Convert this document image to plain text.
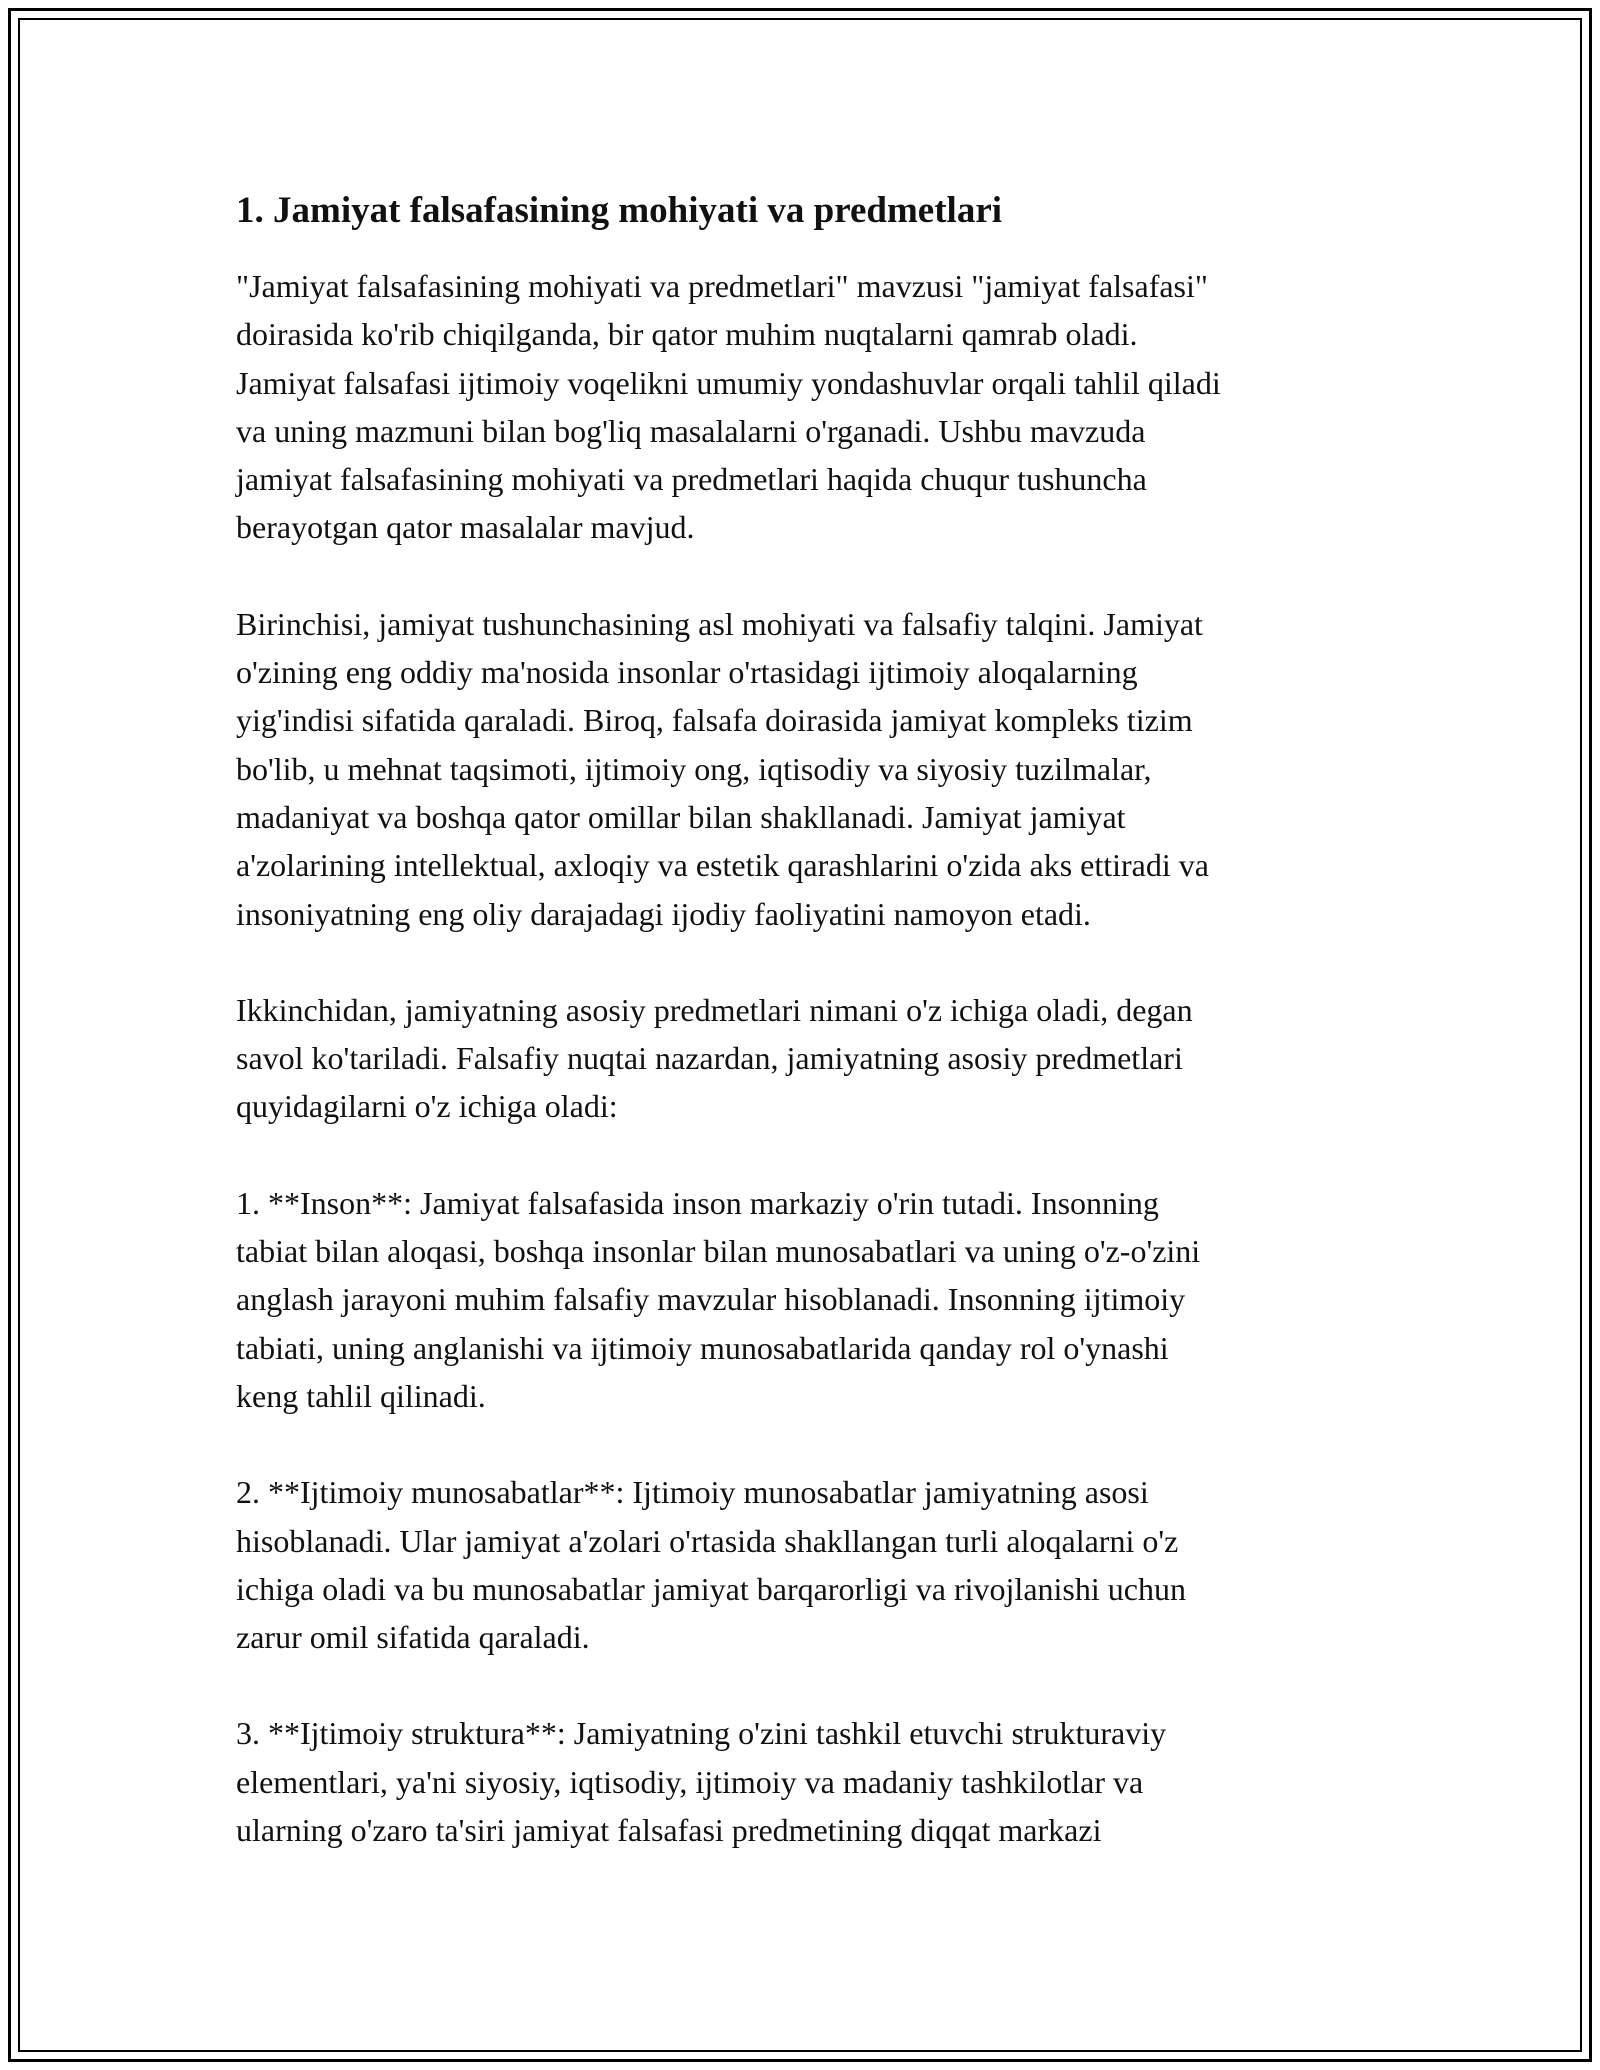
1. Jamiyat falsafasining mohiyati va predmetlari

"Jamiyat falsafasining mohiyati va predmetlari" mavzusi "jamiyat falsafasi"
doirasida ko'rib chiqilganda, bir qator muhim nuqtalarni qamrab oladi.
Jamiyat falsafasi ijtimoiy voqelikni umumiy yondashuvlar orqali tahlil qiladi
va uning mazmuni bilan bog'liq masalalarni o'rganadi. Ushbu mavzuda
jamiyat falsafasining mohiyati va predmetlari haqida chuqur tushuncha
berayotgan qator masalalar mavjud.

Birinchisi, jamiyat tushunchasining asl mohiyati va falsafiy talqini. Jamiyat
o'zining eng oddiy ma'nosida insonlar o'rtasidagi ijtimoiy aloqalarning
yig'indisi sifatida qaraladi. Biroq, falsafa doirasida jamiyat kompleks tizim
bo'lib, u mehnat taqsimoti, ijtimoiy ong, iqtisodiy va siyosiy tuzilmalar,
madaniyat va boshqa qator omillar bilan shakllanadi. Jamiyat jamiyat
a'zolarining intellektual, axloqiy va estetik qarashlarini o'zida aks ettiradi va
insoniyatning eng oliy darajadagi ijodiy faoliyatini namoyon etadi.

Ikkinchidan, jamiyatning asosiy predmetlari nimani o'z ichiga oladi, degan
savol ko'tariladi. Falsafiy nuqtai nazardan, jamiyatning asosiy predmetlari
quyidagilarni o'z ichiga oladi:

1. **Inson**: Jamiyat falsafasida inson markaziy o'rin tutadi. Insonning
tabiat bilan aloqasi, boshqa insonlar bilan munosabatlari va uning o'z-o'zini
anglash jarayoni muhim falsafiy mavzular hisoblanadi. Insonning ijtimoiy
tabiati, uning anglanishi va ijtimoiy munosabatlarida qanday rol o'ynashi
keng tahlil qilinadi.

2. **Ijtimoiy munosabatlar**: Ijtimoiy munosabatlar jamiyatning asosi
hisoblanadi. Ular jamiyat a'zolari o'rtasida shakllangan turli aloqalarni o'z
ichiga oladi va bu munosabatlar jamiyat barqarorligi va rivojlanishi uchun
zarur omil sifatida qaraladi.

3. **Ijtimoiy struktura**: Jamiyatning o'zini tashkil etuvchi strukturaviy
elementlari, ya'ni siyosiy, iqtisodiy, ijtimoiy va madaniy tashkilotlar va
ularning o'zaro ta'siri jamiyat falsafasi predmetining diqqat markazi
